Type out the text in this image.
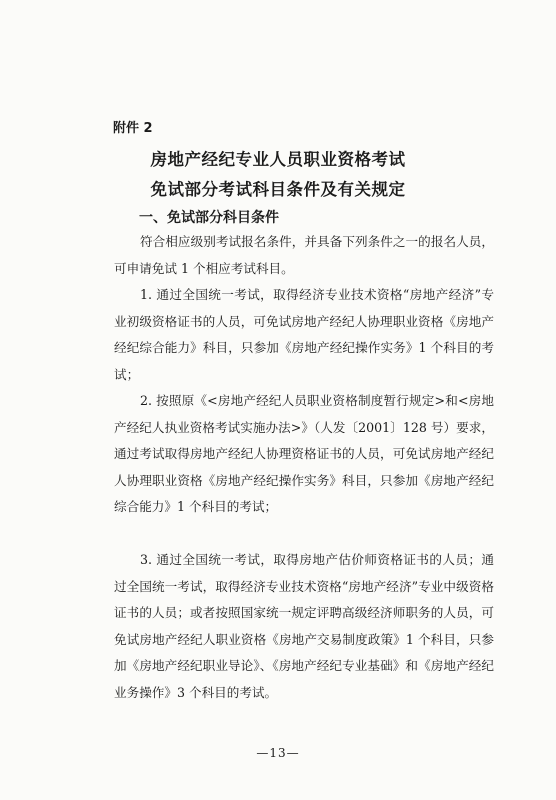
附件 2
房地产经纪专业人员职业资格考试
免试部分考试科目条件及有关规定
一、免试部分科目条件

符合相应级别考试报名条件，并具备下列条件之一的报名人员，可申请免试 1 个相应考试科目。

1. 通过全国统一考试，取得经济专业技术资格“房地产经济”专业初级资格证书的人员，可免试房地产经纪人协理职业资格《房地产经纪综合能力》科目，只参加《房地产经纪操作实务》1 个科目的考试；

2. 按照原《<房地产经纪人员职业资格制度暂行规定>和<房地产经纪人执业资格考试实施办法>》（人发〔2001〕128 号）要求，通过考试取得房地产经纪人协理资格证书的人员，可免试房地产经纪人协理职业资格《房地产经纪操作实务》科目，只参加《房地产经纪综合能力》1 个科目的考试；

3. 通过全国统一考试，取得房地产估价师资格证书的人员；通过全国统一考试，取得经济专业技术资格“房地产经济”专业中级资格证书的人员；或者按照国家统一规定评聘高级经济师职务的人员，可免试房地产经纪人职业资格《房地产交易制度政策》1 个科目，只参加《房地产经纪职业导论》、《房地产经纪专业基础》和《房地产经纪业务操作》3 个科目的考试。

—13—
